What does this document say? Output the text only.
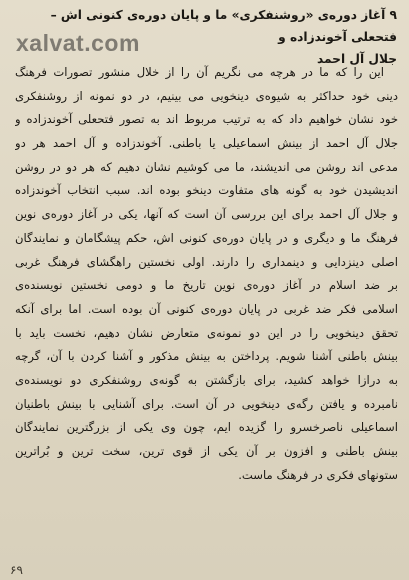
۹ آغاز دوره‌ی «روشنفکری» ما و پایان دوره‌ی کنونی اش – فتحعلی آخوندزاده و
جلال آل احمد
xalvat.com
این را که ما در هرچه می نگریم آن را از خلال منشور تصورات فرهنگ
دینی خود حداکثر به شیوه‌ی دینخویی می بینیم، در دو نمونه از روشنفکری
خود نشان خواهیم داد که به ترتیب مربوط اند به تصور فتحعلی آخوندزاده و
جلال آل احمد از بینش اسماعیلی یا باطنی. آخوندزاده و آل احمد هر دو
مدعی اند روشن می اندیشند، ما می کوشیم نشان دهیم که هر دو در روشن
اندیشیدن خود به گونه های متفاوت دینخو بوده اند. سبب انتخاب آخوندزاده
و جلال آل احمد برای این بررسی آن است که آنها، یکی در آغاز دوره‌ی نوین
فرهنگ ما و دیگری و در پایان دوره‌ی کنونی اش، حکم پیشگامان و نمایندگان
اصلی دینزدایی و دینمداری را دارند. اولی نخستین راهگشای فرهنگ غربی
بر ضد اسلام در آغاز دوره‌ی نوین تاریخ ما و دومی نخستین نویسنده‌ی
اسلامی فکر ضد غربی در پایان دوره‌ی کنونی آن بوده است. اما برای آنکه
تحقق دینخویی را در این دو نمونه‌ی متعارض نشان دهیم، نخست باید با
بینش باطنی آشنا شویم. پرداختن به بینش مذکور و آشنا کردن با آن، گرچه
به درازا خواهد کشید، برای بازگشتن به گونه‌ی روشنفکری دو نویسنده‌ی
نامبرده و یافتن رگه‌ی دینخویی در آن است. برای آشنایی با بینش باطنیان
اسماعیلی ناصرخسرو را گزیده ایم، چون وی یکی از بزرگترین نمایندگان
بینش باطنی و افزون بر آن یکی از قوی ترین، سخت ترین و بُراترین
ستونهای فکری در فرهنگ ماست.
۶۹
